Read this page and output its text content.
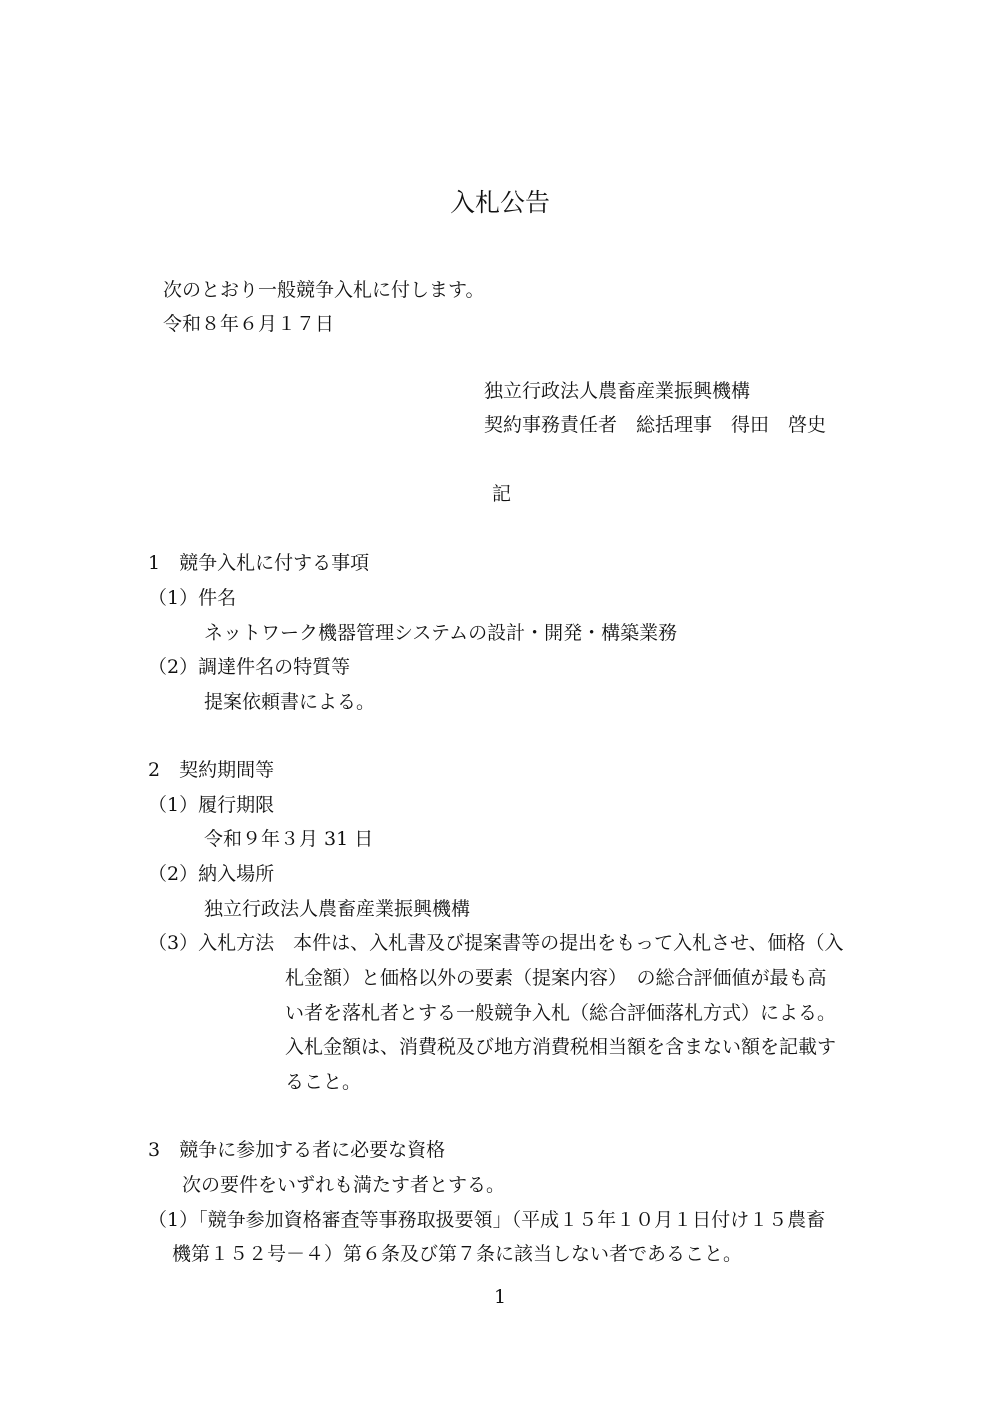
入札公告
次のとおり一般競争入札に付します。
令和８年６月１７日
独立行政法人農畜産業振興機構
契約事務責任者　総括理事　得田　啓史
記
1　競争入札に付する事項
（1）件名
ネットワーク機器管理システムの設計・開発・構築業務
（2）調達件名の特質等
提案依頼書による。
2　契約期間等
（1）履行期限
令和９年３月 31 日
（2）納入場所
独立行政法人農畜産業振興機構
（3）入札方法　本件は、入札書及び提案書等の提出をもって入札させ、価格（入
札金額）と価格以外の要素（提案内容）　の総合評価値が最も高
い者を落札者とする一般競争入札（総合評価落札方式）による。
入札金額は、消費税及び地方消費税相当額を含まない額を記載す
ること。
3　競争に参加する者に必要な資格
次の要件をいずれも満たす者とする。
（1）「競争参加資格審査等事務取扱要領」（平成１５年１０月１日付け１５農畜
機第１５２号－４）第６条及び第７条に該当しない者であること。
1
